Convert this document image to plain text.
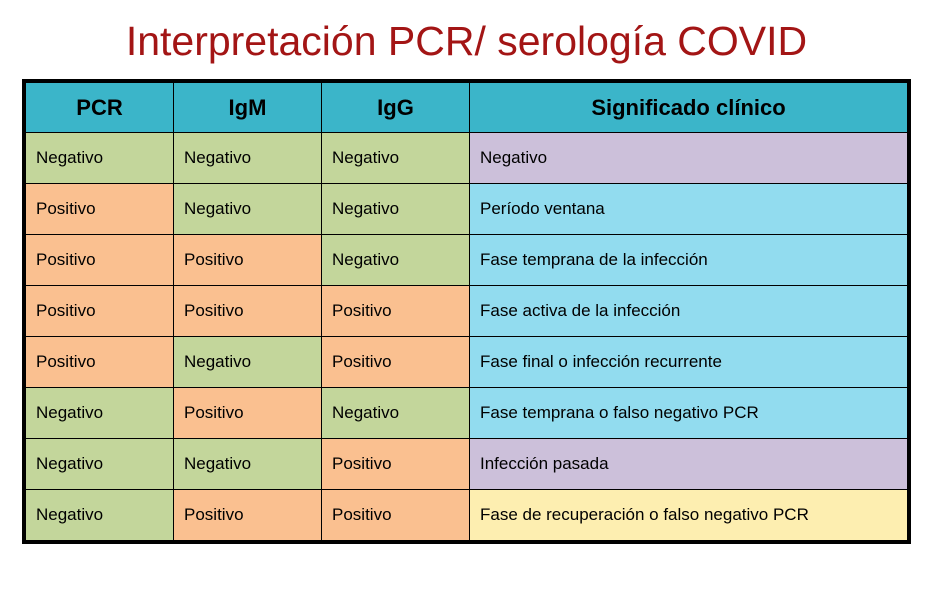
Interpretación PCR/ serología COVID
PCR	IgM	IgG	Significado clínico
Negativo	Negativo	Negativo	Negativo
Positivo	Negativo	Negativo	Período ventana
Positivo	Positivo	Negativo	Fase temprana de la infección
Positivo	Positivo	Positivo	Fase activa de la infección
Positivo	Negativo	Positivo	Fase final o infección recurrente
Negativo	Positivo	Negativo	Fase temprana o falso negativo PCR
Negativo	Negativo	Positivo	Infección pasada
Negativo	Positivo	Positivo	Fase de recuperación o falso negativo PCR
